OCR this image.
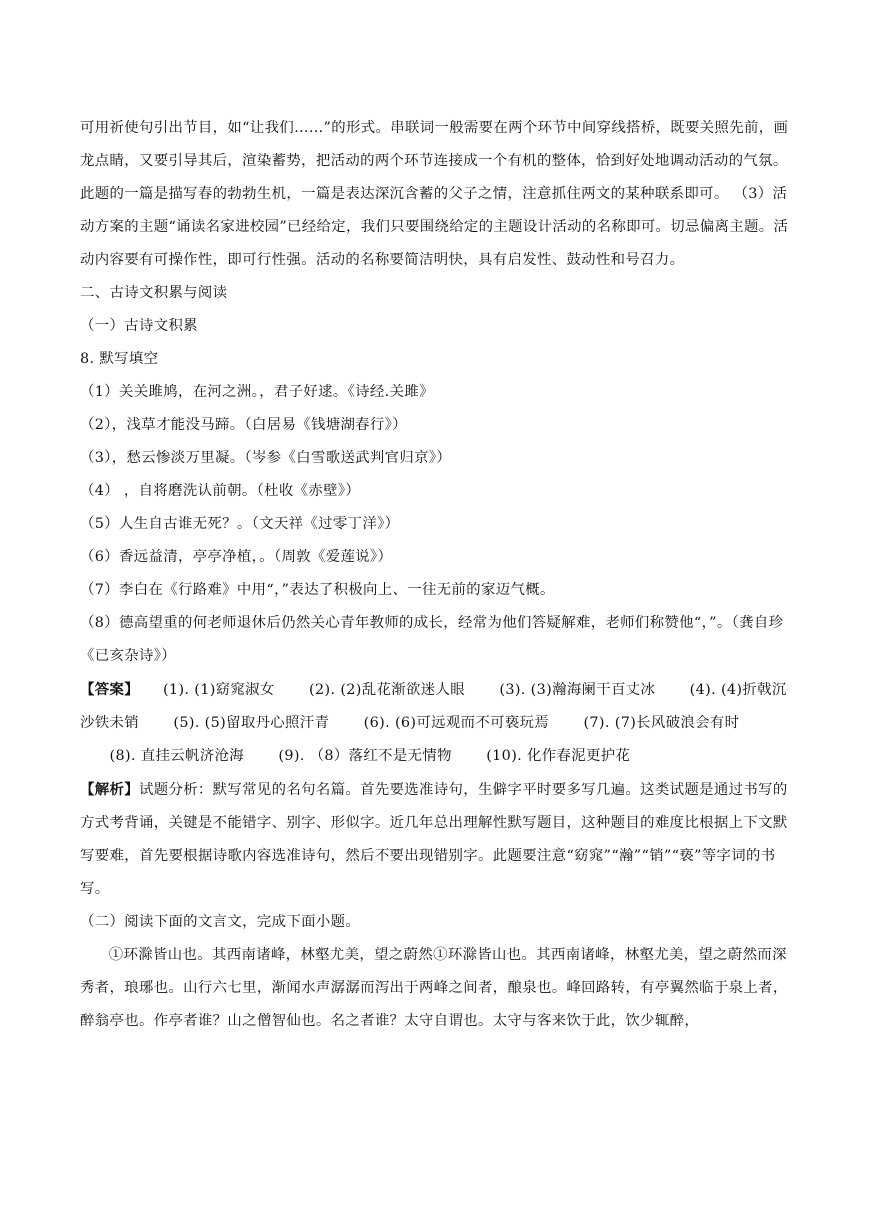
可用祈使句引出节目，如“让我们……”的形式。串联词一般需要在两个环节中间穿线搭桥，既要关照先前，画龙点睛，又要引导其后，渲染蓄势，把活动的两个环节连接成一个有机的整体，恰到好处地调动活动的气氛。此题的一篇是描写春的勃勃生机，一篇是表达深沉含蓄的父子之情，注意抓住两文的某种联系即可。 （3）活动方案的主题“诵读名家进校园”已经给定，我们只要围绕给定的主题设计活动的名称即可。切忌偏离主题。活动内容要有可操作性，即可行性强。活动的名称要简洁明快，具有启发性、鼓动性和号召力。

二、古诗文积累与阅读

（一）古诗文积累

8. 默写填空

（1）关关雎鸠，在河之洲。，君子好逑。《诗经.关雎》

（2），浅草才能没马蹄。（白居易《钱塘湖春行》）

（3），愁云惨淡万里凝。（岑参《白雪歌送武判官归京》）

（4） ，自将磨洗认前朝。（杜收《赤壁》）

（5）人生自古谁无死？。（文天祥《过零丁洋》）

（6）香远益清，亭亭净植，。（周敦《爱莲说》）

（7）李白在《行路难》中用“，”表达了积极向上、一往无前的家迈气概。

（8）德高望重的何老师退休后仍然关心青年教师的成长，经常为他们答疑解难，老师们称赞他“，”。（龚自珍《已亥杂诗》）

【答案】 (1). (1)窈窕淑女 　　(2). (2)乱花渐欲迷人眼 　　(3). (3)瀚海阑干百丈冰 　　(4). (4)折戟沉沙铁未销 　　(5). (5)留取丹心照汗青 　　(6). (6)可远观而不可亵玩焉 　　(7). (7)长风破浪会有时 　　(8). 直挂云帆济沧海 　　(9). （8）落红不是无情物 　　(10). 化作春泥更护花

【解析】试题分析：默写常见的名句名篇。首先要选准诗句，生僻字平时要多写几遍。这类试题是通过书写的方式考背诵，关键是不能错字、别字、形似字。近几年总出理解性默写题目，这种题目的难度比根据上下文默写要难，首先要根据诗歌内容选准诗句，然后不要出现错别字。此题要注意“窈窕”“瀚”“销”“亵”等字词的书写。

（二）阅读下面的文言文，完成下面小题。

①环滁皆山也。其西南诸峰，林壑尤美，望之蔚然①环滁皆山也。其西南诸峰，林壑尤美，望之蔚然而深秀者，琅琊也。山行六七里，渐闻水声潺潺而泻出于两峰之间者，酿泉也。峰回路转，有亭翼然临于泉上者，醉翁亭也。作亭者谁？山之僧智仙也。名之者谁？太守自谓也。太守与客来饮于此，饮少辄醉，
